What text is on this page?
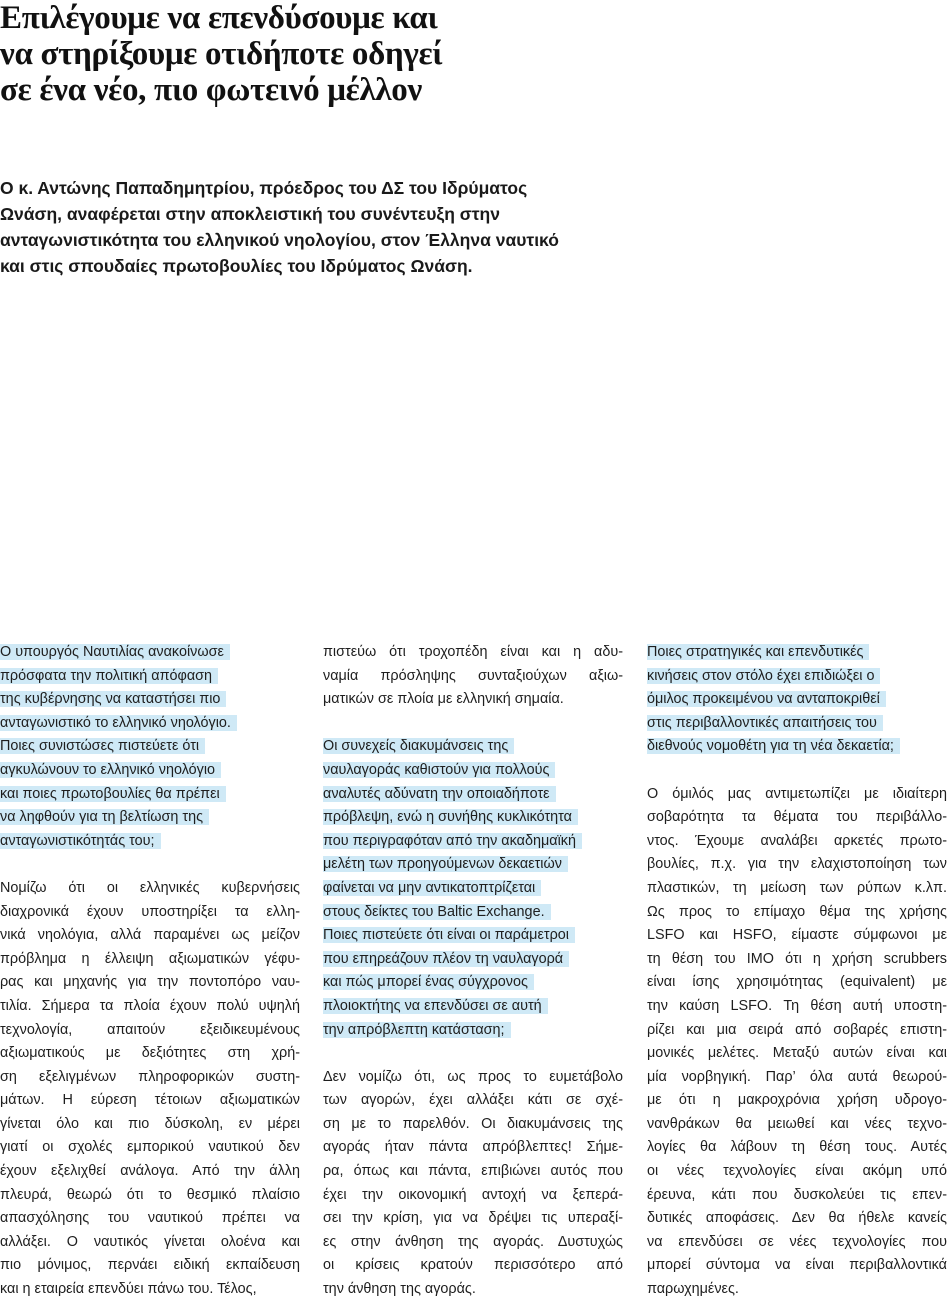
Επιλέγουμε να επενδύσουμε και
να στηρίξουμε οτιδήποτε οδηγεί
σε ένα νέο, πιο φωτεινό μέλλον

Ο κ. Αντώνης Παπαδημητρίου, πρόεδρος του ΔΣ του Ιδρύματος
Ωνάση, αναφέρεται στην αποκλειστική του συνέντευξη στην
ανταγωνιστικότητα του ελληνικού νηολογίου, στον Έλληνα ναυτικό
και στις σπουδαίες πρωτοβουλίες του Ιδρύματος Ωνάση.

Ο υπουργός Ναυτιλίας ανακοίνωσε
πρόσφατα την πολιτική απόφαση
της κυβέρνησης να καταστήσει πιο
ανταγωνιστικό το ελληνικό νηολόγιο.
Ποιες συνιστώσες πιστεύετε ότι
αγκυλώνουν το ελληνικό νηολόγιο
και ποιες πρωτοβουλίες θα πρέπει
να ληφθούν για τη βελτίωση της
ανταγωνιστικότητάς του;
Νομίζω ότι οι ελληνικές κυβερνήσεις
διαχρονικά έχουν υποστηρίξει τα ελλη-
νικά νηολόγια, αλλά παραμένει ως μείζον
πρόβλημα η έλλειψη αξιωματικών γέφυ-
ρας και μηχανής για την ποντοπόρο ναυ-
τιλία. Σήμερα τα πλοία έχουν πολύ υψηλή
τεχνολογία, απαιτούν εξειδικευμένους
αξιωματικούς με δεξιότητες στη χρή-
ση εξελιγμένων πληροφορικών συστη-
μάτων. Η εύρεση τέτοιων αξιωματικών
γίνεται όλο και πιο δύσκολη, εν μέρει
γιατί οι σχολές εμπορικού ναυτικού δεν
έχουν εξελιχθεί ανάλογα. Από την άλλη
πλευρά, θεωρώ ότι το θεσμικό πλαίσιο
απασχόλησης του ναυτικού πρέπει να
αλλάξει. Ο ναυτικός γίνεται ολοένα και
πιο μόνιμος, περνάει ειδική εκπαίδευση
και η εταιρεία επενδύει πάνω του. Τέλος,
πιστεύω ότι τροχοπέδη είναι και η αδυ-
ναμία πρόσληψης συνταξιούχων αξιω-
ματικών σε πλοία με ελληνική σημαία.
Οι συνεχείς διακυμάνσεις της
ναυλαγοράς καθιστούν για πολλούς
αναλυτές αδύνατη την οποιαδήποτε
πρόβλεψη, ενώ η συνήθης κυκλικότητα
που περιγραφόταν από την ακαδημαϊκή
μελέτη των προηγούμενων δεκαετιών
φαίνεται να μην αντικατοπτρίζεται
στους δείκτες του Baltic Exchange.
Ποιες πιστεύετε ότι είναι οι παράμετροι
που επηρεάζουν πλέον τη ναυλαγορά
και πώς μπορεί ένας σύγχρονος
πλοιοκτήτης να επενδύσει σε αυτή
την απρόβλεπτη κατάσταση;
Δεν νομίζω ότι, ως προς το ευμετάβολο
των αγορών, έχει αλλάξει κάτι σε σχέ-
ση με το παρελθόν. Οι διακυμάνσεις της
αγοράς ήταν πάντα απρόβλεπτες! Σήμε-
ρα, όπως και πάντα, επιβιώνει αυτός που
έχει την οικονομική αντοχή να ξεπερά-
σει την κρίση, για να δρέψει τις υπεραξί-
ες στην άνθηση της αγοράς. Δυστυχώς
οι κρίσεις κρατούν περισσότερο από
την άνθηση της αγοράς.
Ποιες στρατηγικές και επενδυτικές
κινήσεις στον στόλο έχει επιδιώξει ο
όμιλος προκειμένου να ανταποκριθεί
στις περιβαλλοντικές απαιτήσεις του
διεθνούς νομοθέτη για τη νέα δεκαετία;
Ο όμιλός μας αντιμετωπίζει με ιδιαίτερη
σοβαρότητα τα θέματα του περιβάλλο-
ντος. Έχουμε αναλάβει αρκετές πρωτο-
βουλίες, π.χ. για την ελαχιστοποίηση των
πλαστικών, τη μείωση των ρύπων κ.λπ.
Ως προς το επίμαχο θέμα της χρήσης
LSFO και HSFO, είμαστε σύμφωνοι με
τη θέση του ΙΜΟ ότι η χρήση scrubbers
είναι ίσης χρησιμότητας (equivalent) με
την καύση LSFO. Τη θέση αυτή υποστη-
ρίζει και μια σειρά από σοβαρές επιστη-
μονικές μελέτες. Μεταξύ αυτών είναι και
μία νορβηγική. Παρ’ όλα αυτά θεωρού-
με ότι η μακροχρόνια χρήση υδρογο-
νανθράκων θα μειωθεί και νέες τεχνο-
λογίες θα λάβουν τη θέση τους. Αυτές
οι νέες τεχνολογίες είναι ακόμη υπό
έρευνα, κάτι που δυσκολεύει τις επεν-
δυτικές αποφάσεις. Δεν θα ήθελε κανείς
να επενδύσει σε νέες τεχνολογίες που
μπορεί σύντομα να είναι περιβαλλοντικά
παρωχημένες.
